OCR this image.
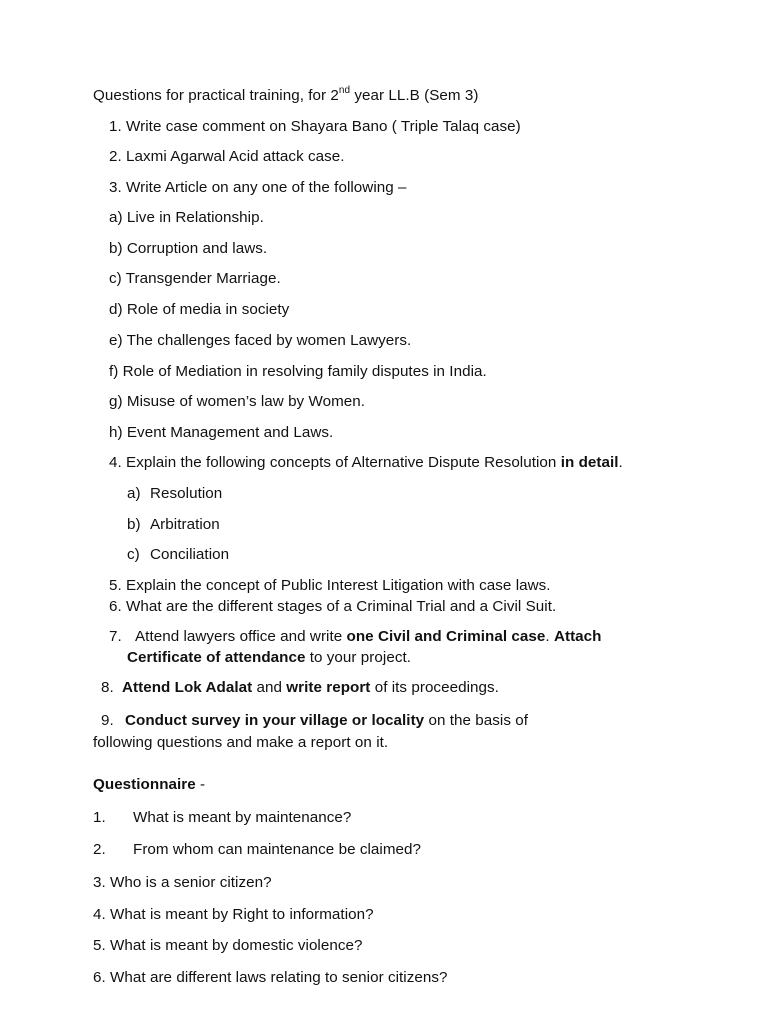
Questions for practical training, for 2nd year LL.B (Sem 3)
1. Write case comment on Shayara Bano ( Triple Talaq case)
2. Laxmi Agarwal Acid attack case.
3. Write Article on any one of the following –
a) Live in Relationship.
b) Corruption and laws.
c) Transgender Marriage.
d) Role of media in society
e) The challenges faced by women Lawyers.
f) Role of Mediation in resolving family disputes in India.
g) Misuse of women’s law by Women.
h) Event Management and Laws.
4. Explain the following concepts of Alternative Dispute Resolution in detail.
a) Resolution
b) Arbitration
c) Conciliation
5. Explain the concept of Public Interest Litigation with case laws.
6. What are the different stages of a Criminal Trial and a Civil Suit.
7. Attend lawyers office and write one Civil and Criminal case. Attach
Certificate of attendance to your project.
8. Attend Lok Adalat and write report of its proceedings.
9. Conduct survey in your village or locality on the basis of
following questions and make a report on it.
Questionnaire -
1. What is meant by maintenance?
2. From whom can maintenance be claimed?
3. Who is a senior citizen?
4. What is meant by Right to information?
5. What is meant by domestic violence?
6. What are different laws relating to senior citizens?
